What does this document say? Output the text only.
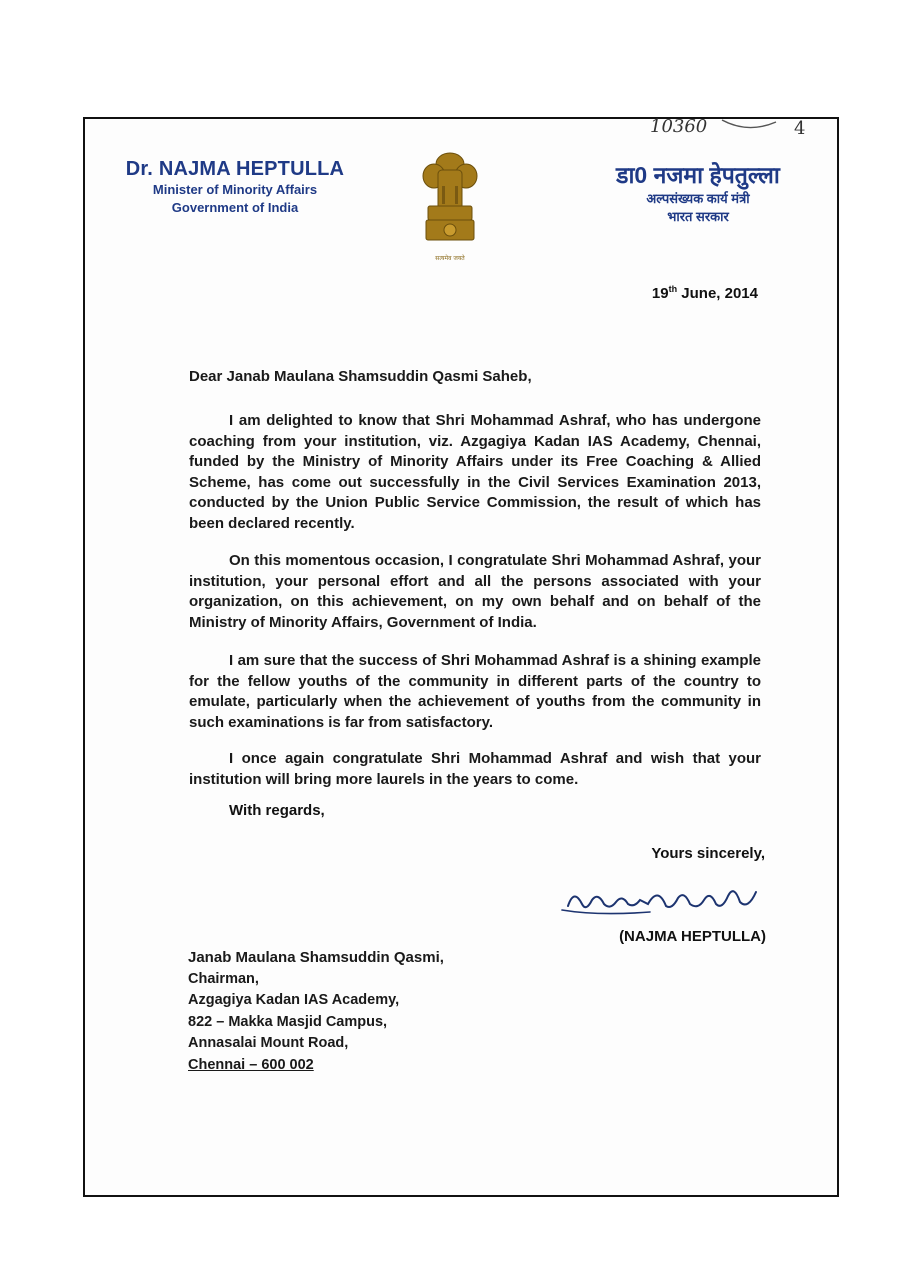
Dr. NAJMA HEPTULLA
Minister of Minority Affairs
Government of India
सत्यमेव जयते
डा0 नजमा हेपतुल्ला
अल्पसंख्यक कार्य मंत्री
भारत सरकार
10360	4
19th June, 2014
Dear Janab Maulana Shamsuddin Qasmi Saheb,

I am delighted to know that Shri Mohammad Ashraf, who has undergone coaching from your institution, viz. Azgagiya Kadan IAS Academy, Chennai, funded by the Ministry of Minority Affairs under its Free Coaching & Allied Scheme, has come out successfully in the Civil Services Examination 2013, conducted by the Union Public Service Commission, the result of which has been declared recently.

On this momentous occasion, I congratulate Shri Mohammad Ashraf, your institution, your personal effort and all the persons associated with your organization, on this achievement, on my own behalf and on behalf of the Ministry of Minority Affairs, Government of India.

I am sure that the success of Shri Mohammad Ashraf is a shining example for the fellow youths of the community in different parts of the country to emulate, particularly when the achievement of youths from the community in such examinations is far from satisfactory.

I once again congratulate Shri Mohammad Ashraf and wish that your institution will bring more laurels in the years to come.

With regards,
Yours sincerely,
(NAJMA HEPTULLA)
Janab Maulana Shamsuddin Qasmi,
Chairman,
Azgagiya Kadan IAS Academy,
822 – Makka Masjid Campus,
Annasalai Mount Road,
Chennai – 600 002
